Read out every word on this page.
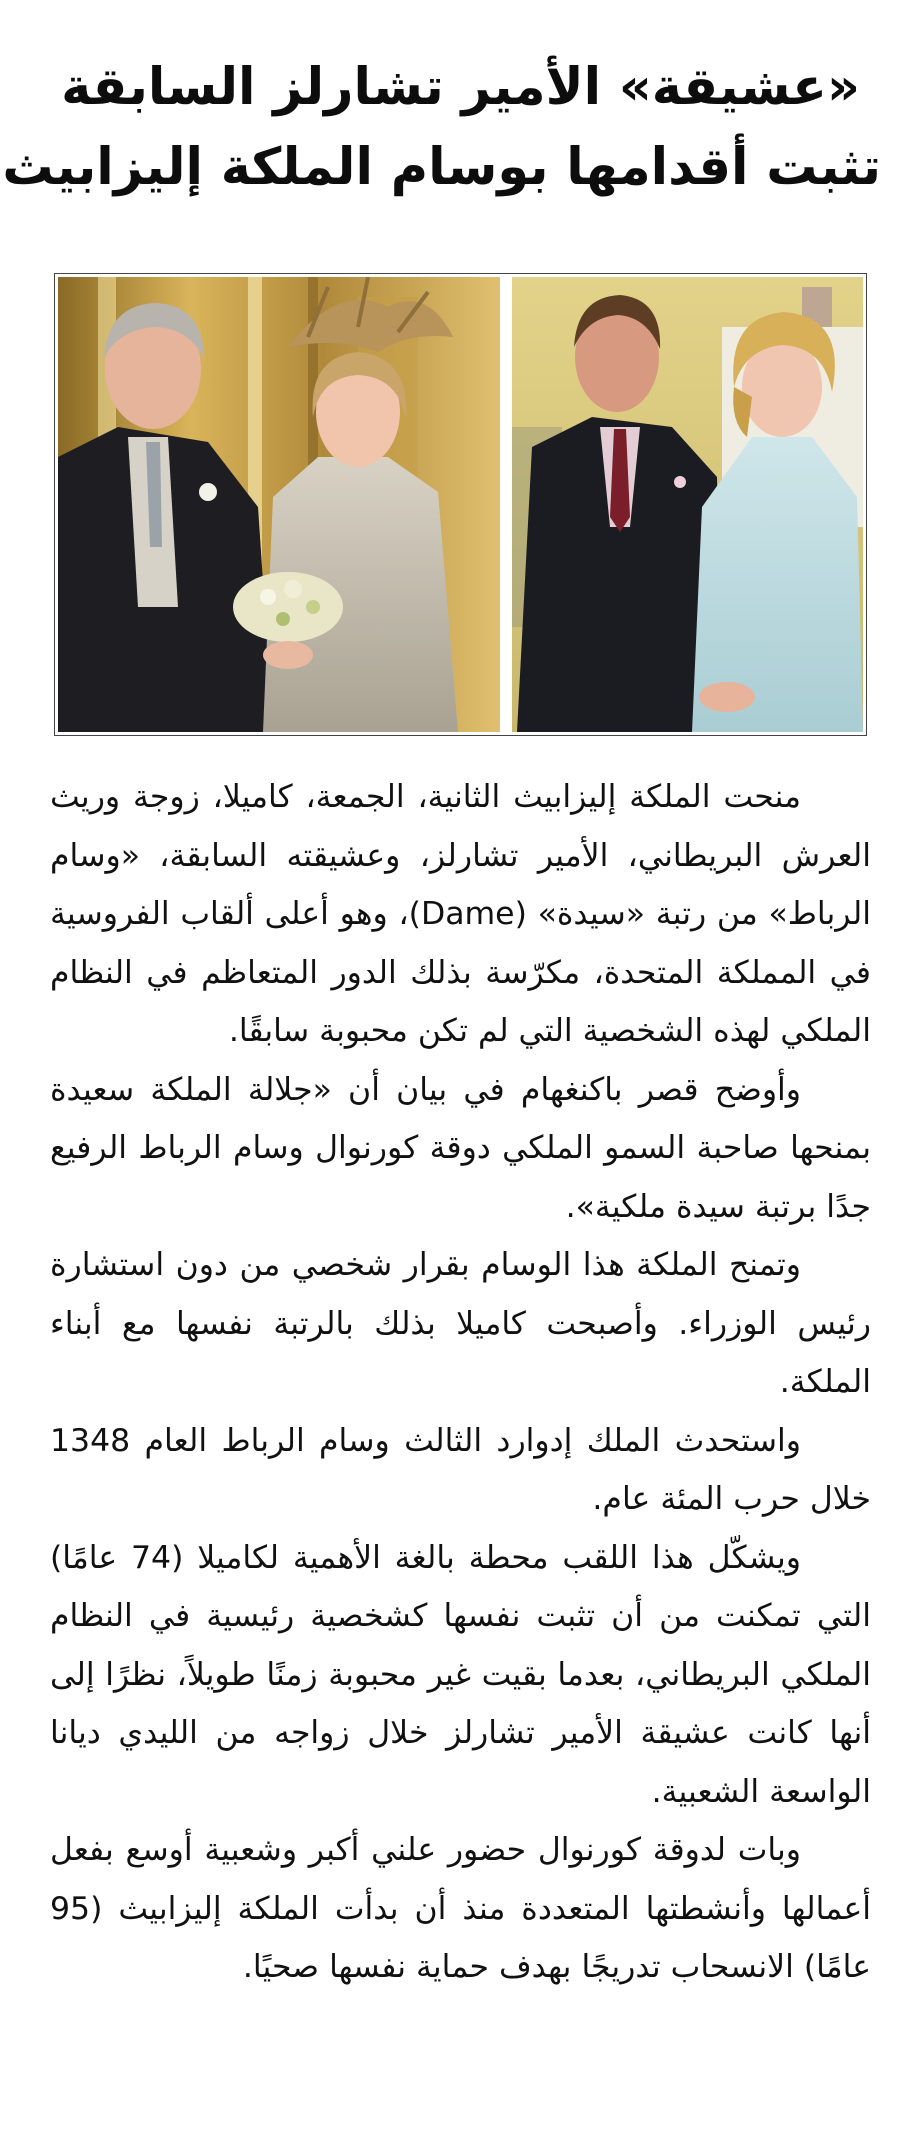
«عشيقة» الأمير تشارلز السابقة
تثبت أقدامها بوسام الملكة إليزابيث

منحت الملكة إليزابيث الثانية، الجمعة، كاميلا، زوجة وريث العرش البريطاني، الأمير تشارلز، وعشيقته السابقة، «وسام الرباط» من رتبة «سيدة» (Dame)، وهو أعلى ألقاب الفروسية في المملكة المتحدة، مكرّسة بذلك الدور المتعاظم في النظام الملكي لهذه الشخصية التي لم تكن محبوبة سابقًا.

وأوضح قصر باكنغهام في بيان أن «جلالة الملكة سعيدة بمنحها صاحبة السمو الملكي دوقة كورنوال وسام الرباط الرفيع جدًا برتبة سيدة ملكية».

وتمنح الملكة هذا الوسام بقرار شخصي من دون استشارة رئيس الوزراء. وأصبحت كاميلا بذلك بالرتبة نفسها مع أبناء الملكة.

واستحدث الملك إدوارد الثالث وسام الرباط العام 1348 خلال حرب المئة عام.

ويشكّل هذا اللقب محطة بالغة الأهمية لكاميلا (74 عامًا) التي تمكنت من أن تثبت نفسها كشخصية رئيسية في النظام الملكي البريطاني، بعدما بقيت غير محبوبة زمنًا طويلاً، نظرًا إلى أنها كانت عشيقة الأمير تشارلز خلال زواجه من الليدي ديانا الواسعة الشعبية.

وبات لدوقة كورنوال حضور علني أكبر وشعبية أوسع بفعل أعمالها وأنشطتها المتعددة منذ أن بدأت الملكة إليزابيث (95 عامًا) الانسحاب تدريجًا بهدف حماية نفسها صحيًا.
